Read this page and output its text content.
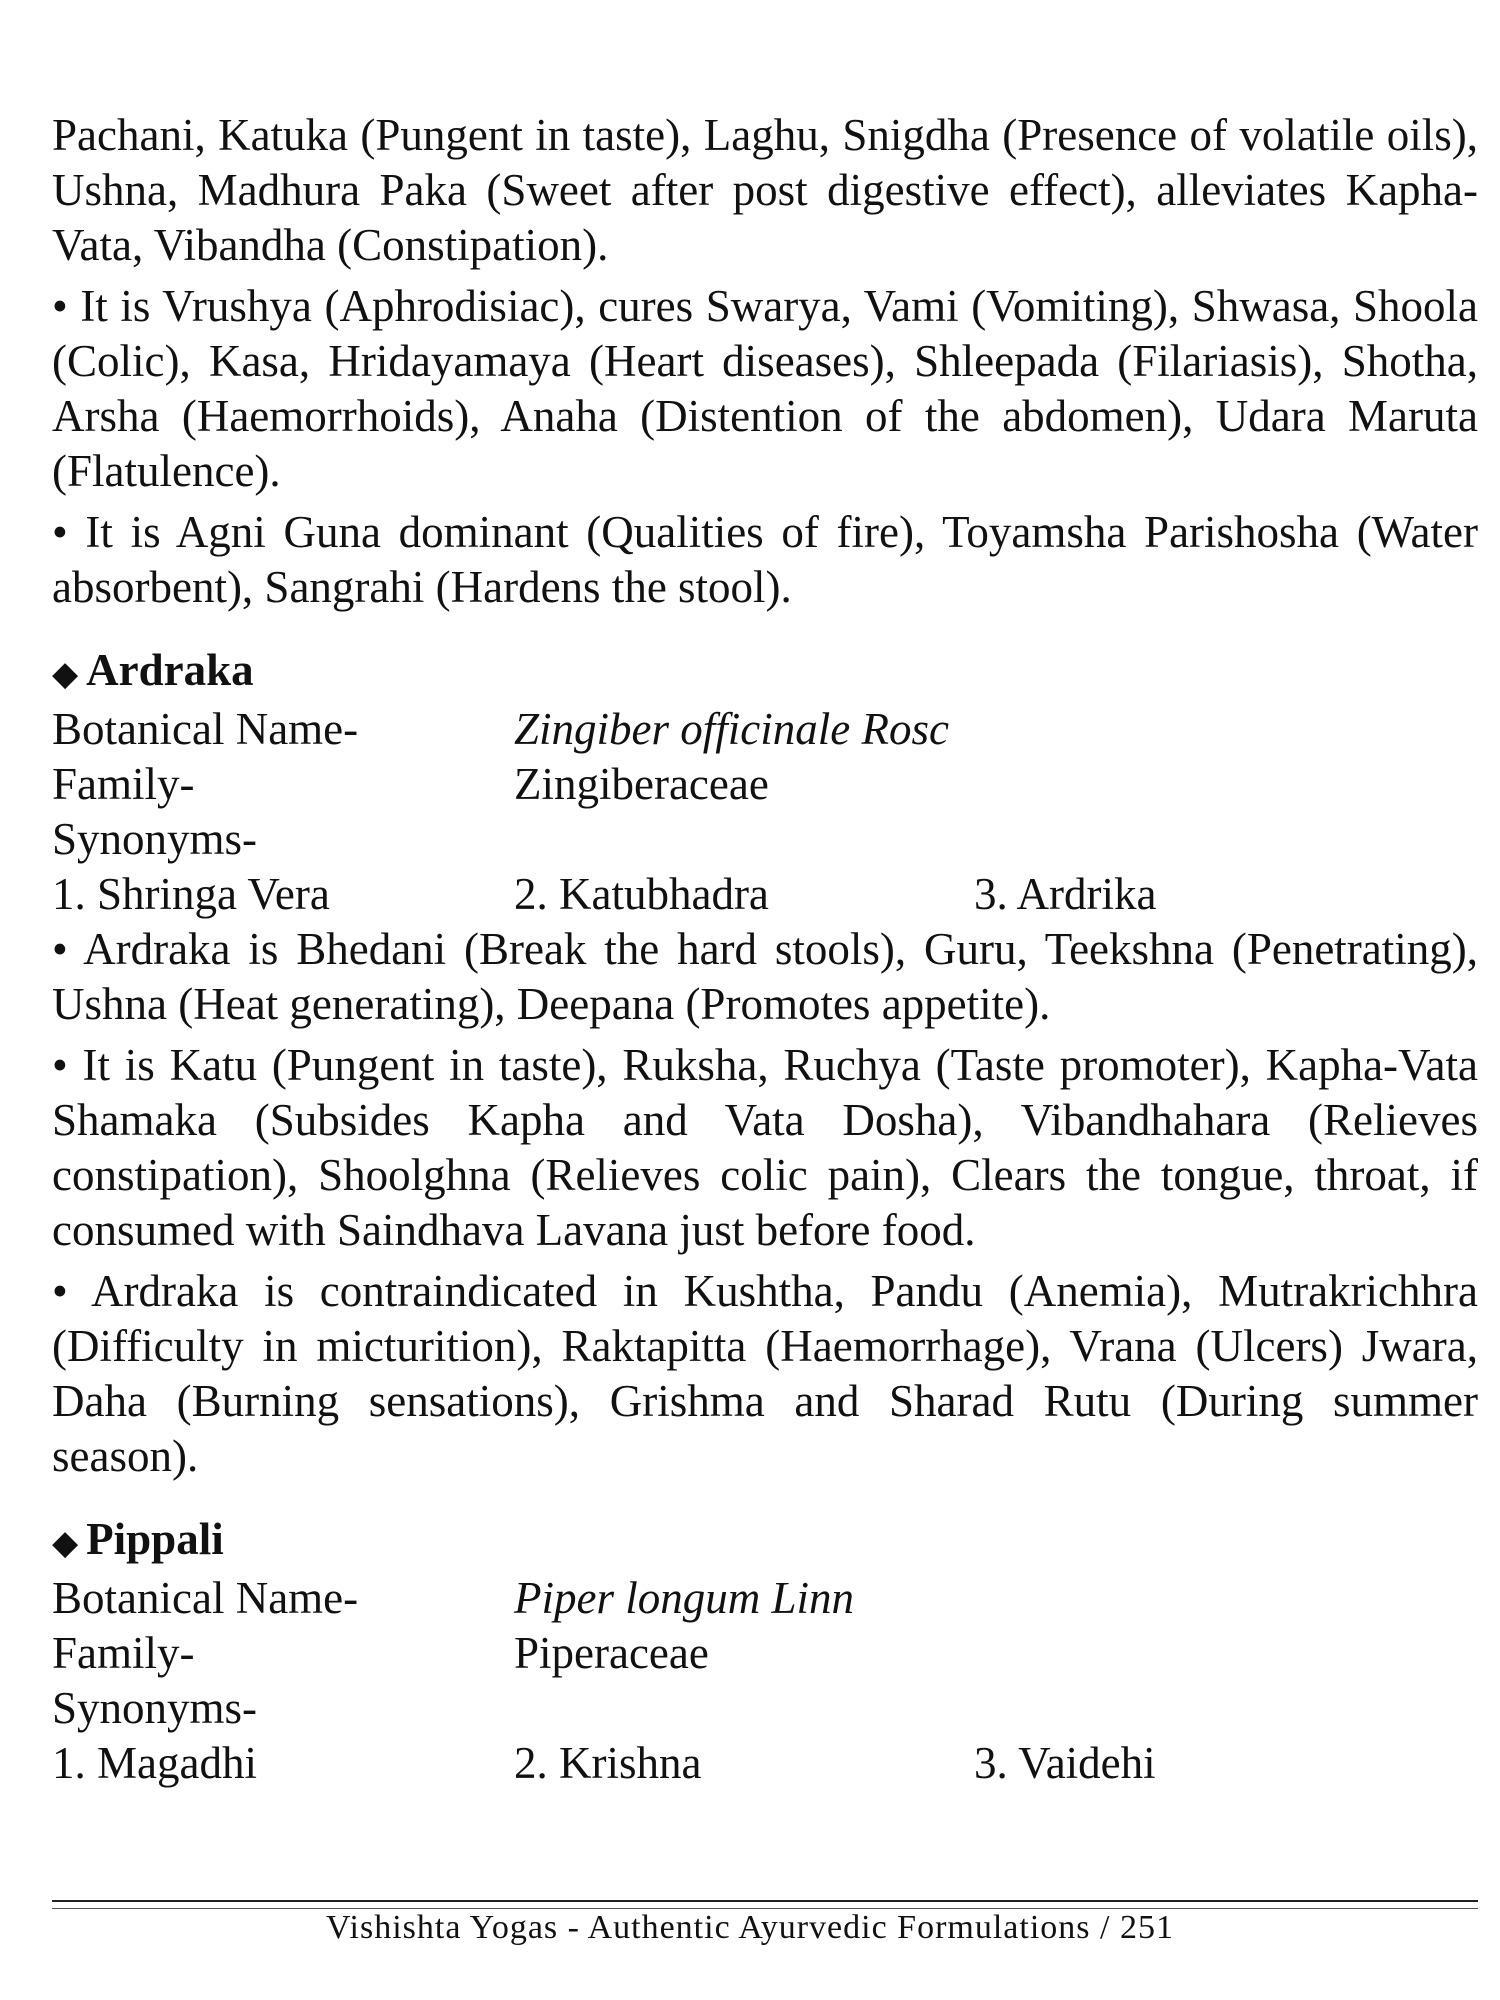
Pachani, Katuka (Pungent in taste), Laghu, Snigdha (Presence of volatile oils), Ushna, Madhura Paka (Sweet after post digestive effect), alleviates Kapha-Vata, Vibandha (Constipation).

• It is Vrushya (Aphrodisiac), cures Swarya, Vami (Vomiting), Shwasa, Shoola (Colic), Kasa, Hridayamaya (Heart diseases), Shleepada (Filariasis), Shotha, Arsha (Haemorrhoids), Anaha (Distention of the abdomen), Udara Maruta (Flatulence).

• It is Agni Guna dominant (Qualities of fire), Toyamsha Parishosha (Water absorbent), Sangrahi (Hardens the stool).

◆ Ardraka
Botanical Name-	Zingiber officinale Rosc
Family-	Zingiberaceae
Synonyms-
1. Shringa Vera	2. Katubhadra	3. Ardrika

• Ardraka is Bhedani (Break the hard stools), Guru, Teekshna (Penetrating), Ushna (Heat generating), Deepana (Promotes appetite).

• It is Katu (Pungent in taste), Ruksha, Ruchya (Taste promoter), Kapha-Vata Shamaka (Subsides Kapha and Vata Dosha), Vibandhahara (Relieves constipation), Shoolghna (Relieves colic pain), Clears the tongue, throat, if consumed with Saindhava Lavana just before food.

• Ardraka is contraindicated in Kushtha, Pandu (Anemia), Mutrakrichhra (Difficulty in micturition), Raktapitta (Haemorrhage), Vrana (Ulcers) Jwara, Daha (Burning sensations), Grishma and Sharad Rutu (During summer season).

◆ Pippali
Botanical Name-	Piper longum Linn
Family-	Piperaceae
Synonyms-
1. Magadhi	2. Krishna	3. Vaidehi
Vishishta Yogas - Authentic Ayurvedic Formulations / 251
